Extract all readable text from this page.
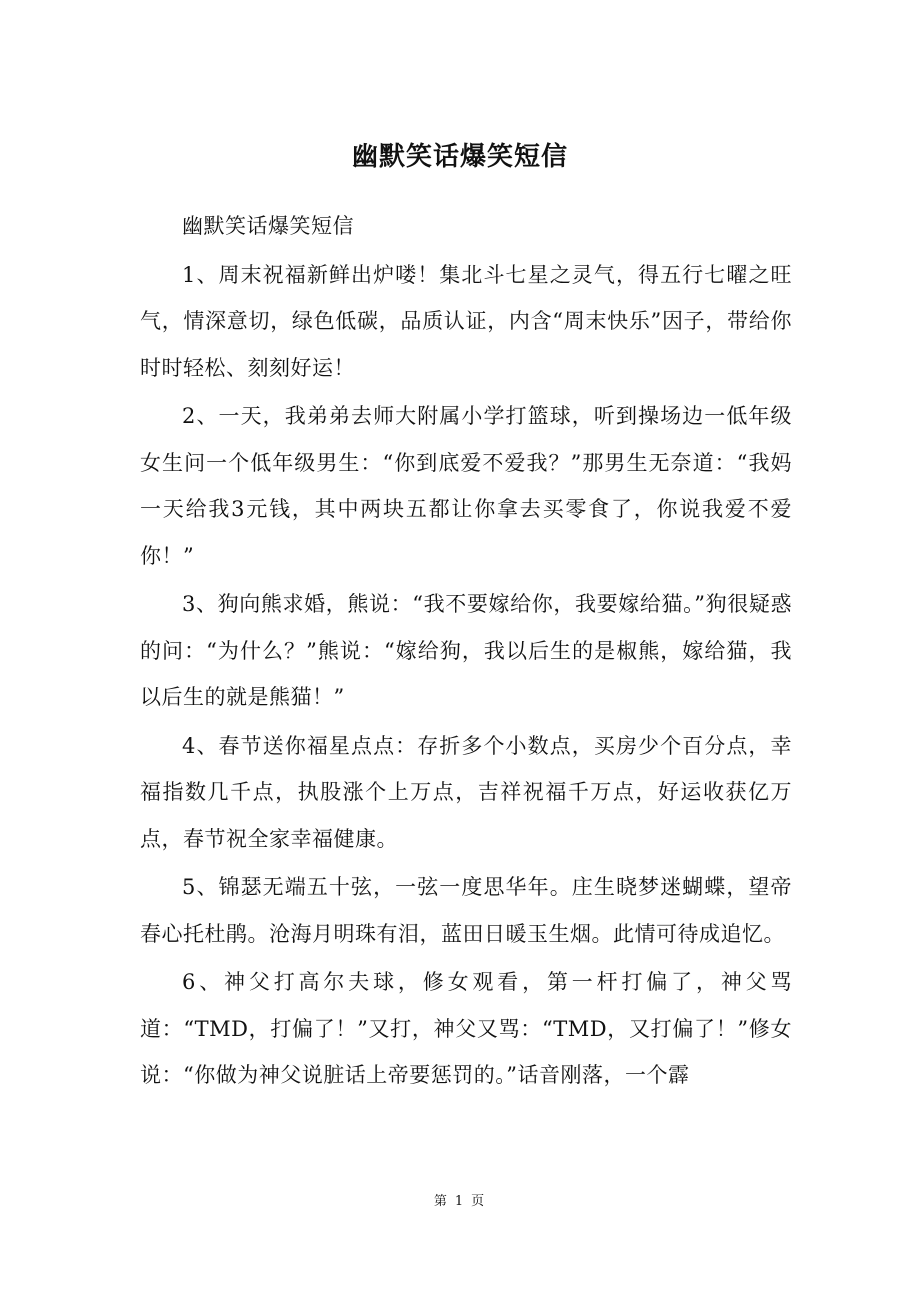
幽默笑话爆笑短信

幽默笑话爆笑短信

1、周末祝福新鲜出炉喽！集北斗七星之灵气，得五行七曜之旺气，情深意切，绿色低碳，品质认证，内含“周末快乐”因子，带给你时时轻松、刻刻好运！

2、一天，我弟弟去师大附属小学打篮球，听到操场边一低年级女生问一个低年级男生：“你到底爱不爱我？”那男生无奈道：“我妈一天给我3元钱，其中两块五都让你拿去买零食了，你说我爱不爱你！”

3、狗向熊求婚，熊说：“我不要嫁给你，我要嫁给猫。”狗很疑惑的问：“为什么？”熊说：“嫁给狗，我以后生的是椒熊，嫁给猫，我以后生的就是熊猫！”

4、春节送你福星点点：存折多个小数点，买房少个百分点，幸福指数几千点，执股涨个上万点，吉祥祝福千万点，好运收获亿万点，春节祝全家幸福健康。

5、锦瑟无端五十弦，一弦一度思华年。庄生晓梦迷蝴蝶，望帝春心托杜鹃。沧海月明珠有泪，蓝田日暖玉生烟。此情可待成追忆。

6、神父打高尔夫球，修女观看，第一杆打偏了，神父骂道：“TMD，打偏了！”又打，神父又骂：“TMD，又打偏了！”修女说：“你做为神父说脏话上帝要惩罚的。”话音刚落，一个霹

第 1 页
